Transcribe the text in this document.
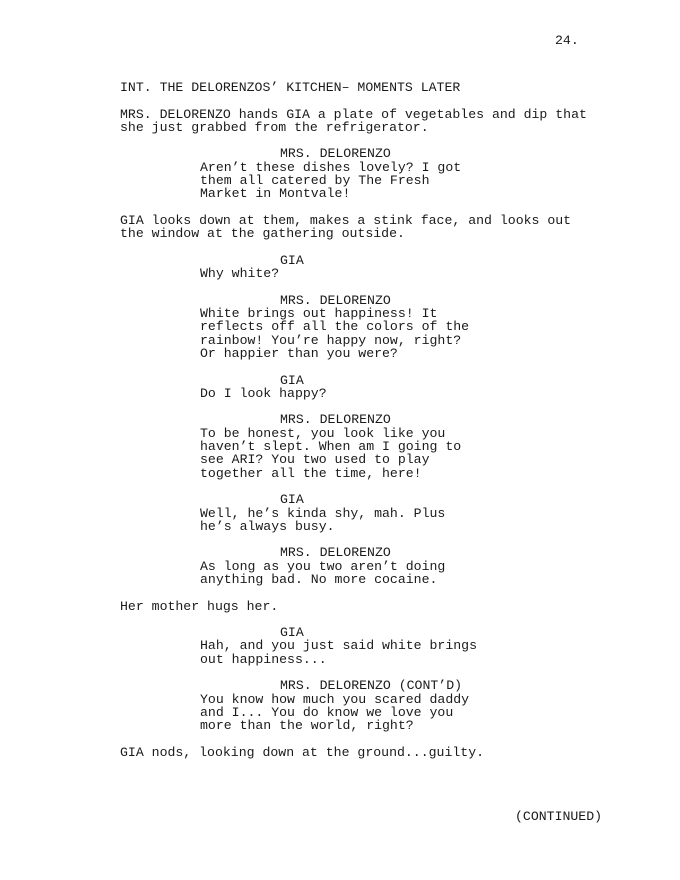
24.
INT. THE DELORENZOS’ KITCHEN– MOMENTS LATER
MRS. DELORENZO hands GIA a plate of vegetables and dip that
she just grabbed from the refrigerator.
MRS. DELORENZO
Aren’t these dishes lovely? I got
them all catered by The Fresh
Market in Montvale!
GIA looks down at them, makes a stink face, and looks out
the window at the gathering outside.
GIA
Why white?
MRS. DELORENZO
White brings out happiness! It
reflects off all the colors of the
rainbow! You’re happy now, right?
Or happier than you were?
GIA
Do I look happy?
MRS. DELORENZO
To be honest, you look like you
haven’t slept. When am I going to
see ARI? You two used to play
together all the time, here!
GIA
Well, he’s kinda shy, mah. Plus
he’s always busy.
MRS. DELORENZO
As long as you two aren’t doing
anything bad. No more cocaine.
Her mother hugs her.
GIA
Hah, and you just said white brings
out happiness...
MRS. DELORENZO (CONT’D)
You know how much you scared daddy
and I... You do know we love you
more than the world, right?
GIA nods, looking down at the ground...guilty.
(CONTINUED)
